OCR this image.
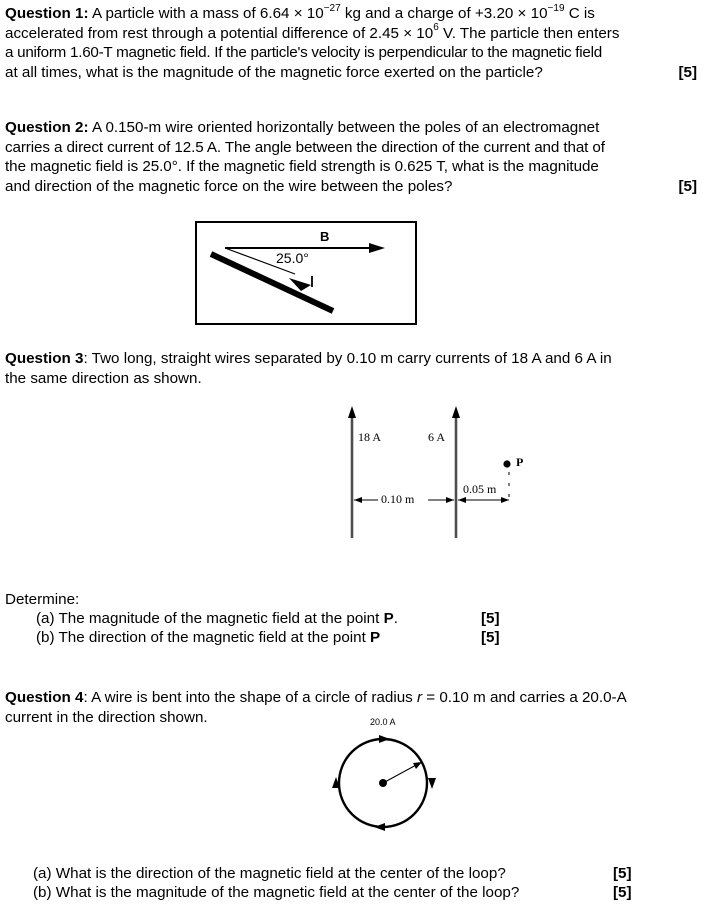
Question 1: A particle with a mass of $6.64 \times 10^{-27}$ kg and a charge of $+3.20 \times 10^{-19}$ C is
accelerated from rest through a potential difference of $2.45 \times 10^6$ V. The particle then enters
a uniform 1.60-T magnetic field. If the particle's velocity is perpendicular to the magnetic field
at all times, what is the magnitude of the magnetic force exerted on the particle?	[5]
Question 2: A 0.150-m wire oriented horizontally between the poles of an electromagnet
carries a direct current of 12.5 A. The angle between the direction of the current and that of
the magnetic field is 25.0°. If the magnetic field strength is 0.625 T, what is the magnitude
and direction of the magnetic force on the wire between the poles?	[5]
B
25.0°
Question 3: Two long, straight wires separated by 0.10 m carry currents of 18 A and 6 A in
the same direction as shown.
18 A	6 A
0.10 m
0.05 m
P
Determine:
(a) The magnitude of the magnetic field at the point P.	[5]
(b) The direction of the magnetic field at the point P	[5]
Question 4: A wire is bent into the shape of a circle of radius r = 0.10 m and carries a 20.0-A
current in the direction shown.	20.0 A
(a) What is the direction of the magnetic field at the center of the loop?	[5]
(b) What is the magnitude of the magnetic field at the center of the loop?	[5]
